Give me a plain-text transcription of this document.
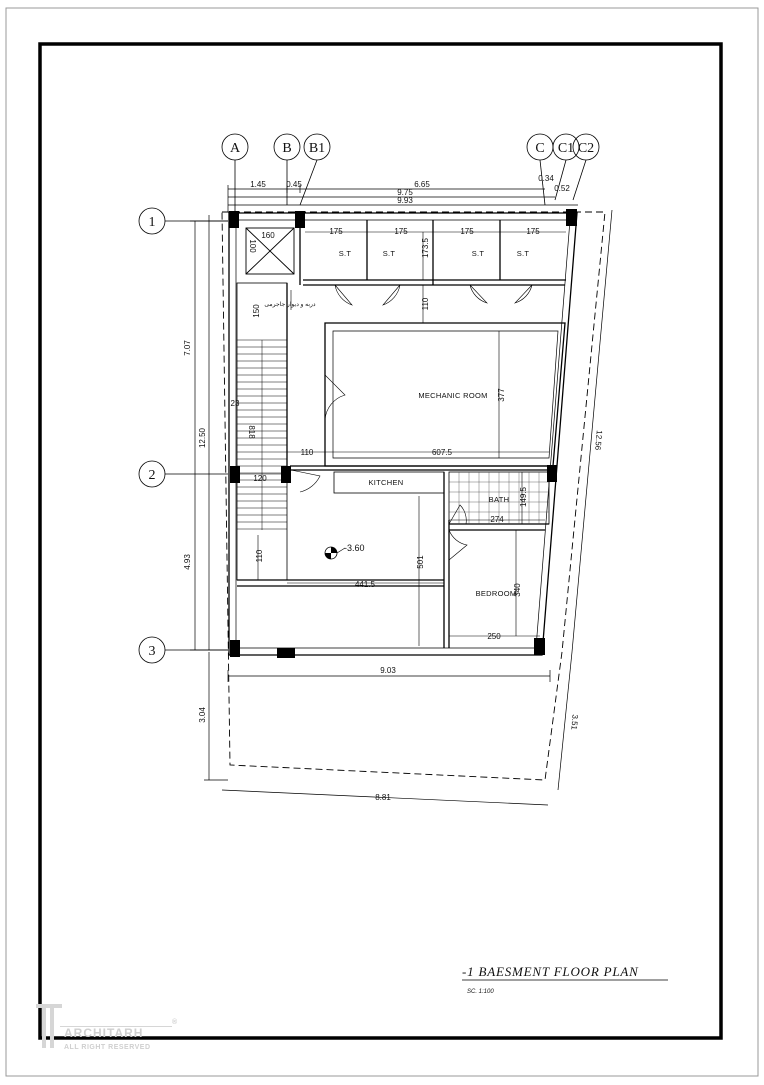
A	B B1	C C1 C2
1
2
3
1.45	0.45	6.65
0.34
0.52
9.75
9.93
7.07
12.50
4.93
3.04
12.56
3.51
9.03
8.81
160
100
175	175
173.5
175	175
110
150
377
607.5
110
818
120
110
23
441.5
501
149.5
274
340
250
S.T	S.T	S.T	S.T
MECHANIC ROOM
KITCHEN
BATH
BEDROOM
دربه و دیوار جاجرمی
-3.60
-1 BAESMENT FLOOR PLAN
SC. 1:100
ARCHITARH
ALL RIGHT RESERVED
®
